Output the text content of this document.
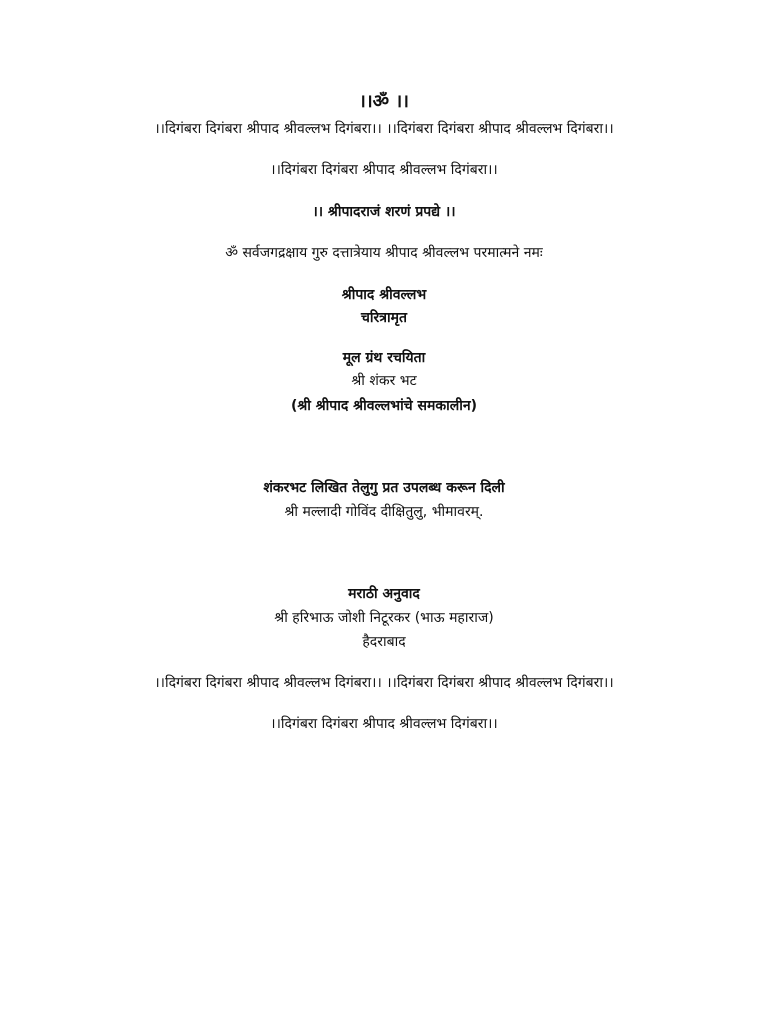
।।ॐ ।।
।।दिगंबरा दिगंबरा श्रीपाद श्रीवल्लभ दिगंबरा।। ।।दिगंबरा दिगंबरा श्रीपाद श्रीवल्लभ दिगंबरा।।
।।दिगंबरा दिगंबरा श्रीपाद श्रीवल्लभ दिगंबरा।।
।। श्रीपादराजं शरणं प्रपद्ये ।।
ॐ सर्वजगद्रक्षाय गुरु दत्तात्रेयाय श्रीपाद श्रीवल्लभ परमात्मने नमः
श्रीपाद श्रीवल्लभ
चरित्रामृत
मूल ग्रंथ रचयिता
श्री शंकर भट
(श्री श्रीपाद श्रीवल्लभांचे समकालीन)
शंकरभट लिखित तेलुगु प्रत उपलब्ध करून दिली
श्री मल्लादी गोविंद दीक्षितुलु, भीमावरम्.
मराठी अनुवाद
श्री हरिभाऊ जोशी निटूरकर (भाऊ महाराज)
हैदराबाद
।।दिगंबरा दिगंबरा श्रीपाद श्रीवल्लभ दिगंबरा।। ।।दिगंबरा दिगंबरा श्रीपाद श्रीवल्लभ दिगंबरा।।
।।दिगंबरा दिगंबरा श्रीपाद श्रीवल्लभ दिगंबरा।।
